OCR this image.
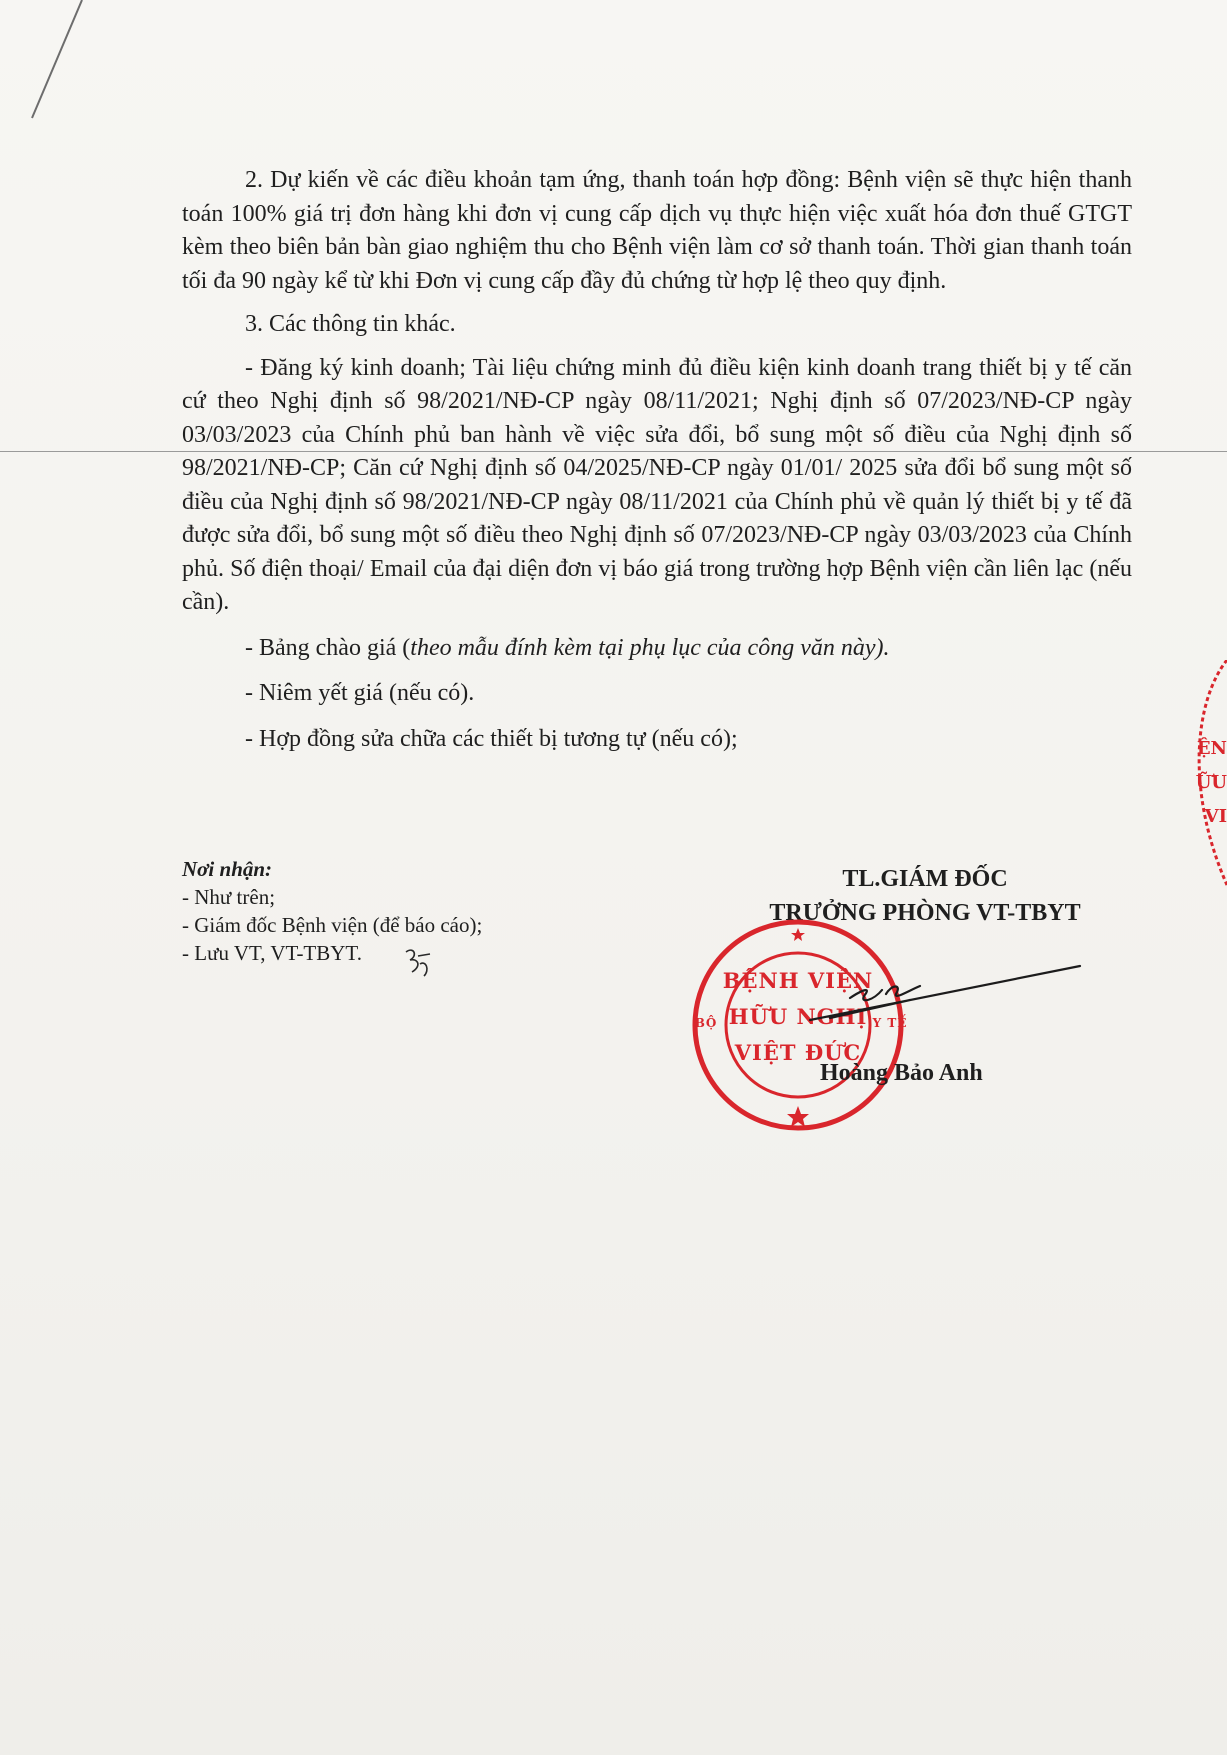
2. Dự kiến về các điều khoản tạm ứng, thanh toán hợp đồng: Bệnh viện sẽ thực hiện thanh toán 100% giá trị đơn hàng khi đơn vị cung cấp dịch vụ thực hiện việc xuất hóa đơn thuế GTGT kèm theo biên bản bàn giao nghiệm thu cho Bệnh viện làm cơ sở thanh toán. Thời gian thanh toán tối đa 90 ngày kể từ khi Đơn vị cung cấp đầy đủ chứng từ hợp lệ theo quy định.

3. Các thông tin khác.

- Đăng ký kinh doanh; Tài liệu chứng minh đủ điều kiện kinh doanh trang thiết bị y tế căn cứ theo Nghị định số 98/2021/NĐ-CP ngày 08/11/2021; Nghị định số 07/2023/NĐ-CP ngày 03/03/2023 của Chính phủ ban hành về việc sửa đổi, bổ sung một số điều của Nghị định số 98/2021/NĐ-CP; Căn cứ Nghị định số 04/2025/NĐ-CP ngày 01/01/ 2025 sửa đổi bổ sung một số điều của Nghị định số 98/2021/NĐ-CP ngày 08/11/2021 của Chính phủ về quản lý thiết bị y tế đã được sửa đổi, bổ sung một số điều theo Nghị định số 07/2023/NĐ-CP ngày 03/03/2023 của Chính phủ. Số điện thoại/ Email của đại diện đơn vị báo giá trong trường hợp Bệnh viện cần liên lạc (nếu cần).

- Bảng chào giá (theo mẫu đính kèm tại phụ lục của công văn này).

- Niêm yết giá (nếu có).

- Hợp đồng sửa chữa các thiết bị tương tự (nếu có);

Nơi nhận:
- Như trên;
- Giám đốc Bệnh viện (để báo cáo);
- Lưu VT, VT-TBYT.
TL.GIÁM ĐỐC
TRƯỞNG PHÒNG VT-TBYT
BỆNH VIỆN
HỮU NGHỊ
VIỆT ĐỨC
BỘ	Y TẾ
Hoàng Bảo Anh
ỆN
ỮU
VI
